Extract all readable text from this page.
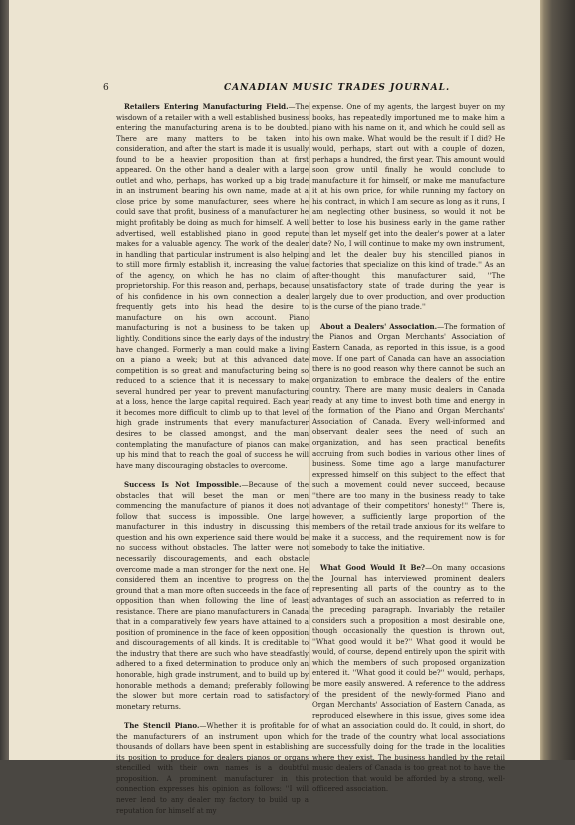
6	CANADIAN MUSIC TRADES JOURNAL.

Retailers Entering Manufacturing Field.—The wisdown of a retailer with a well established business entering the manufacturing arena is to be doubted. There are many matters to be taken into consideration, and after the start is made it is usually found to be a heavier proposition than at first appeared. On the other hand a dealer with a large outlet and who, perhaps, has worked up a big trade in an instrument bearing his own name, made at a close price by some manufacturer, sees where he could save that profit, business of a manufacturer he might profitably be doing as much for himself. A well advertised, well established piano in good repute makes for a valuable agency. The work of the dealer in handling that particular instrument is also helping to still more firmly establish it, increasing the value of the agency, on which he has no claim of proprietorship. For this reason and, perhaps, because of his confidence in his own connection a dealer frequently gets into his head the desire to manufacture on his own account. Piano manufacturing is not a business to be taken up lightly. Conditions since the early days of the industry have changed. Formerly a man could make a living on a piano a week; but at this advanced date competition is so great and manufacturing being so reduced to a science that it is necessary to make several hundred per year to prevent manufacturing at a loss, hence the large capital required. Each year it becomes more difficult to climb up to that level of high grade instruments that every manufacturer desires to be classed amongst, and the man contemplating the manufacture of pianos can make up his mind that to reach the goal of success he will have many discouraging obstacles to overcome.

Success Is Not Impossible.—Because of the obstacles that will beset the man or men commencing the manufacture of pianos it does not follow that success is impossible. One large manufacturer in this industry in discussing this question and his own experience said there would be no success without obstacles. The latter were not necessarily discouragements, and each obstacle overcome made a man stronger for the next one. He considered them an incentive to progress on the ground that a man more often succeeds in the face of opposition than when following the line of least resistance. There are piano manufacturers in Canada that in a comparatively few years have attained to a position of prominence in the face of keen opposition and discouragements of all kinds. It is creditable to the industry that there are such who have steadfastly adhered to a fixed determination to produce only an honorable, high grade instrument, and to build up by honorable methods a demand; preferably following the slower but more certain road to satisfactory monetary returns.

The Stencil Piano.—Whether it is profitable for the manufacturers of an instrument upon which thousands of dollars have been spent in establishing its position to produce for dealers pianos or organs stencilled with their own names is a doubtful proposition. A prominent manufacturer in this connection expresses his opinion as follows: ''I will never lend to any dealer my factory to build up a reputation for himself at my

expense. One of my agents, the largest buyer on my books, has repeatedly importuned me to make him a piano with his name on it, and which he could sell as his own make. What would be the result if I did? He would, perhaps, start out with a couple of dozen, perhaps a hundred, the first year. This amount would soon grow until finally he would conclude to manufacture it for himself, or make me manufacture it at his own price, for while running my factory on his contract, in which I am secure as long as it runs, I am neglecting other business, so would it not be better to lose his business early in the game rather than let myself get into the dealer's power at a later date? No, I will continue to make my own instrument, and let the dealer buy his stencilled pianos in factories that specialize on this kind of trade.'' As an after-thought this manufacturer said, ''The unsatisfactory state of trade during the year is largely due to over production, and over production is the curse of the piano trade.''

About a Dealers' Association.—The formation of the Pianos and Organ Merchants' Association of Eastern Canada, as reported in this issue, is a good move. If one part of Canada can have an association there is no good reason why there cannot be such an organization to embrace the dealers of the entire country. There are many music dealers in Canada ready at any time to invest both time and energy in the formation of the Piano and Organ Merchants' Association of Canada. Every well-informed and observant dealer sees the need of such an organization, and has seen practical benefits accruing from such bodies in various other lines of business. Some time ago a large manufacturer expressed himself on this subject to the effect that such a movement could never succeed, because ''there are too many in the business ready to take advantage of their competitors' honesty!'' There is, however, a sufficiently large proportion of the members of the retail trade anxious for its welfare to make it a success, and the requirement now is for somebody to take the initiative.

What Good Would It Be?—On many occasions the Journal has interviewed prominent dealers representing all parts of the country as to the advantages of such an association as referred to in the preceding paragraph. Invariably the retailer considers such a proposition a most desirable one, though occasionally the question is thrown out, ''What good would it be?'' What good it would be would, of course, depend entirely upon the spirit with which the members of such proposed organization entered it. ''What good it could be?'' would, perhaps, be more easily answered. A reference to the address of the president of the newly-formed Piano and Organ Merchants' Association of Eastern Canada, as reproduced elsewhere in this issue, gives some idea of what an association could do. It could, in short, do for the trade of the country what local associations are successfully doing for the trade in the localities where they exist. The business handled by the retail music dealers of Canada is too great not to have the protection that would be afforded by a strong, well-officered association.
